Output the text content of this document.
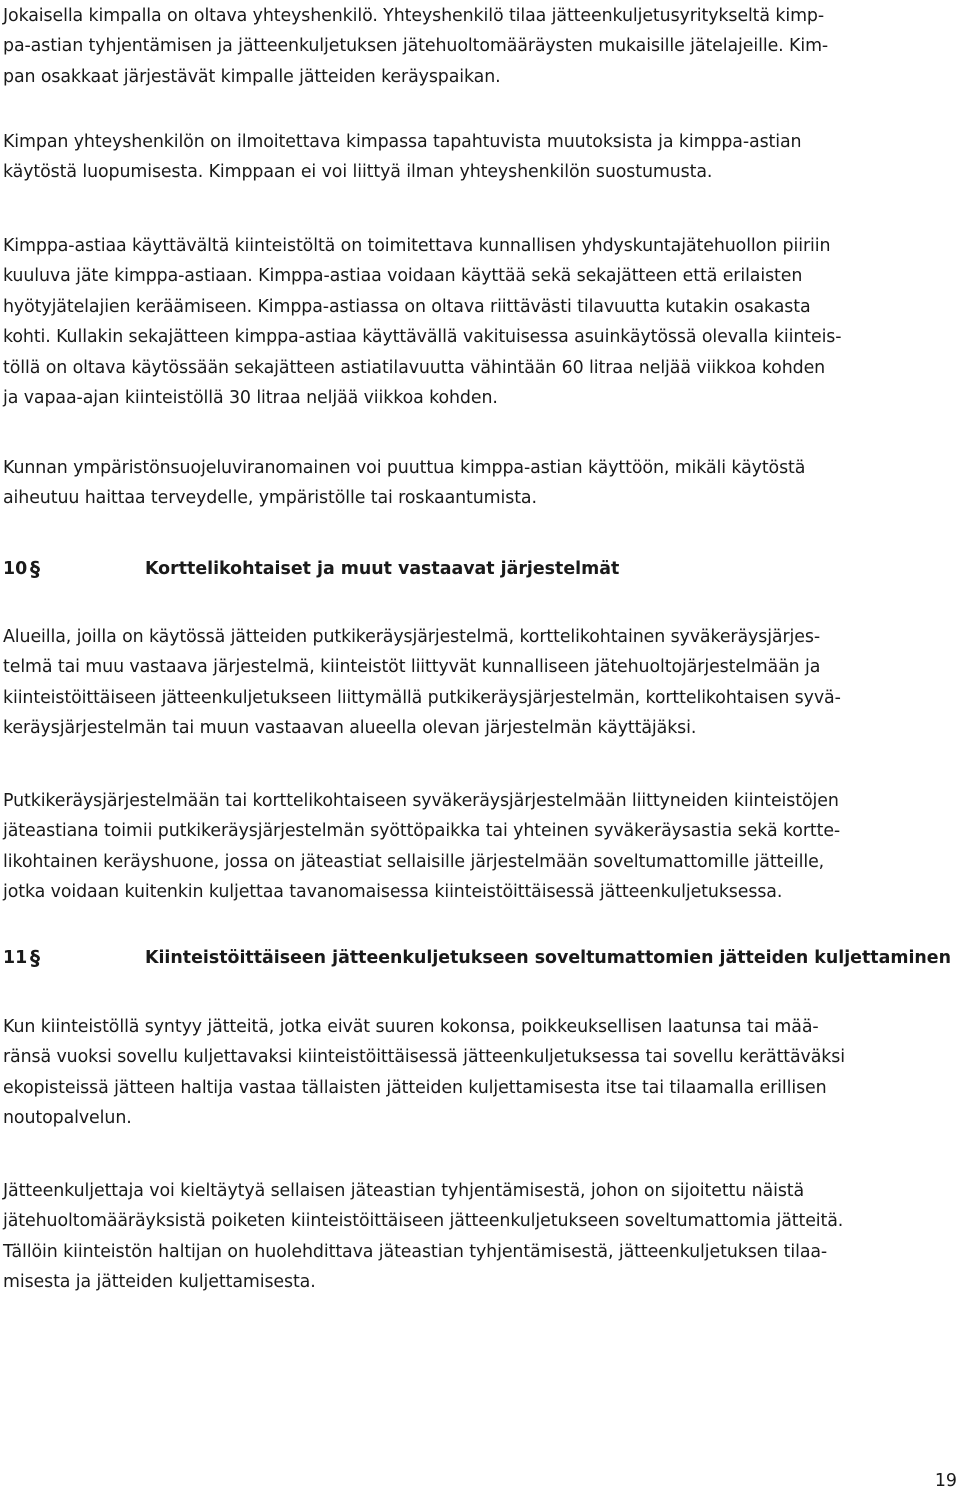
Jokaisella kimpalla on oltava yhteyshenkilö. Yhteyshenkilö tilaa jätteenkuljetusyritykseltä kimp-
pa-astian tyhjentämisen ja jätteenkuljetuksen jätehuoltomääräysten mukaisille jätelajeille. Kim-
pan osakkaat järjestävät kimpalle jätteiden keräyspaikan.

Kimpan yhteyshenkilön on ilmoitettava kimpassa tapahtuvista muutoksista ja kimppa-astian
käytöstä luopumisesta. Kimppaan ei voi liittyä ilman yhteyshenkilön suostumusta.

Kimppa-astiaa käyttävältä kiinteistöltä on toimitettava kunnallisen yhdyskuntajätehuollon piiriin
kuuluva jäte kimppa-astiaan. Kimppa-astiaa voidaan käyttää sekä sekajätteen että erilaisten
hyötyjätelajien keräämiseen. Kimppa-astiassa on oltava riittävästi tilavuutta kutakin osakasta
kohti. Kullakin sekajätteen kimppa-astiaa käyttävällä vakituisessa asuinkäytössä olevalla kiinteis-
töllä on oltava käytössään sekajätteen astiatilavuutta vähintään 60 litraa neljää viikkoa kohden
ja vapaa-ajan kiinteistöllä 30 litraa neljää viikkoa kohden.

Kunnan ympäristönsuojeluviranomainen voi puuttua kimppa-astian käyttöön, mikäli käytöstä
aiheutuu haittaa terveydelle, ympäristölle tai roskaantumista.

10 §	Korttelikohtaiset ja muut vastaavat järjestelmät

Alueilla, joilla on käytössä jätteiden putkikeräysjärjestelmä, korttelikohtainen syväkeräysjärjes-
telmä tai muu vastaava järjestelmä, kiinteistöt liittyvät kunnalliseen jätehuoltojärjestelmään ja
kiinteistöittäiseen jätteenkuljetukseen liittymällä putkikeräysjärjestelmän, korttelikohtaisen syvä-
keräysjärjestelmän tai muun vastaavan alueella olevan järjestelmän käyttäjäksi.

Putkikeräysjärjestelmään tai korttelikohtaiseen syväkeräysjärjestelmään liittyneiden kiinteistöjen
jäteastiana toimii putkikeräysjärjestelmän syöttöpaikka tai yhteinen syväkeräysastia sekä kortte-
likohtainen keräyshuone, jossa on jäteastiat sellaisille järjestelmään soveltumattomille jätteille,
jotka voidaan kuitenkin kuljettaa tavanomaisessa kiinteistöittäisessä jätteenkuljetuksessa.

11 §	Kiinteistöittäiseen jätteenkuljetukseen soveltumattomien jätteiden kuljettaminen

Kun kiinteistöllä syntyy jätteitä, jotka eivät suuren kokonsa, poikkeuksellisen laatunsa tai mää-
ränsä vuoksi sovellu kuljettavaksi kiinteistöittäisessä jätteenkuljetuksessa tai sovellu kerättäväksi
ekopisteissä jätteen haltija vastaa tällaisten jätteiden kuljettamisesta itse tai tilaamalla erillisen
noutopalvelun.

Jätteenkuljettaja voi kieltäytyä sellaisen jäteastian tyhjentämisestä, johon on sijoitettu näistä
jätehuoltomääräyksistä poiketen kiinteistöittäiseen jätteenkuljetukseen soveltumattomia jätteitä.
Tällöin kiinteistön haltijan on huolehdittava jäteastian tyhjentämisestä, jätteenkuljetuksen tilaa-
misesta ja jätteiden kuljettamisesta.

19
